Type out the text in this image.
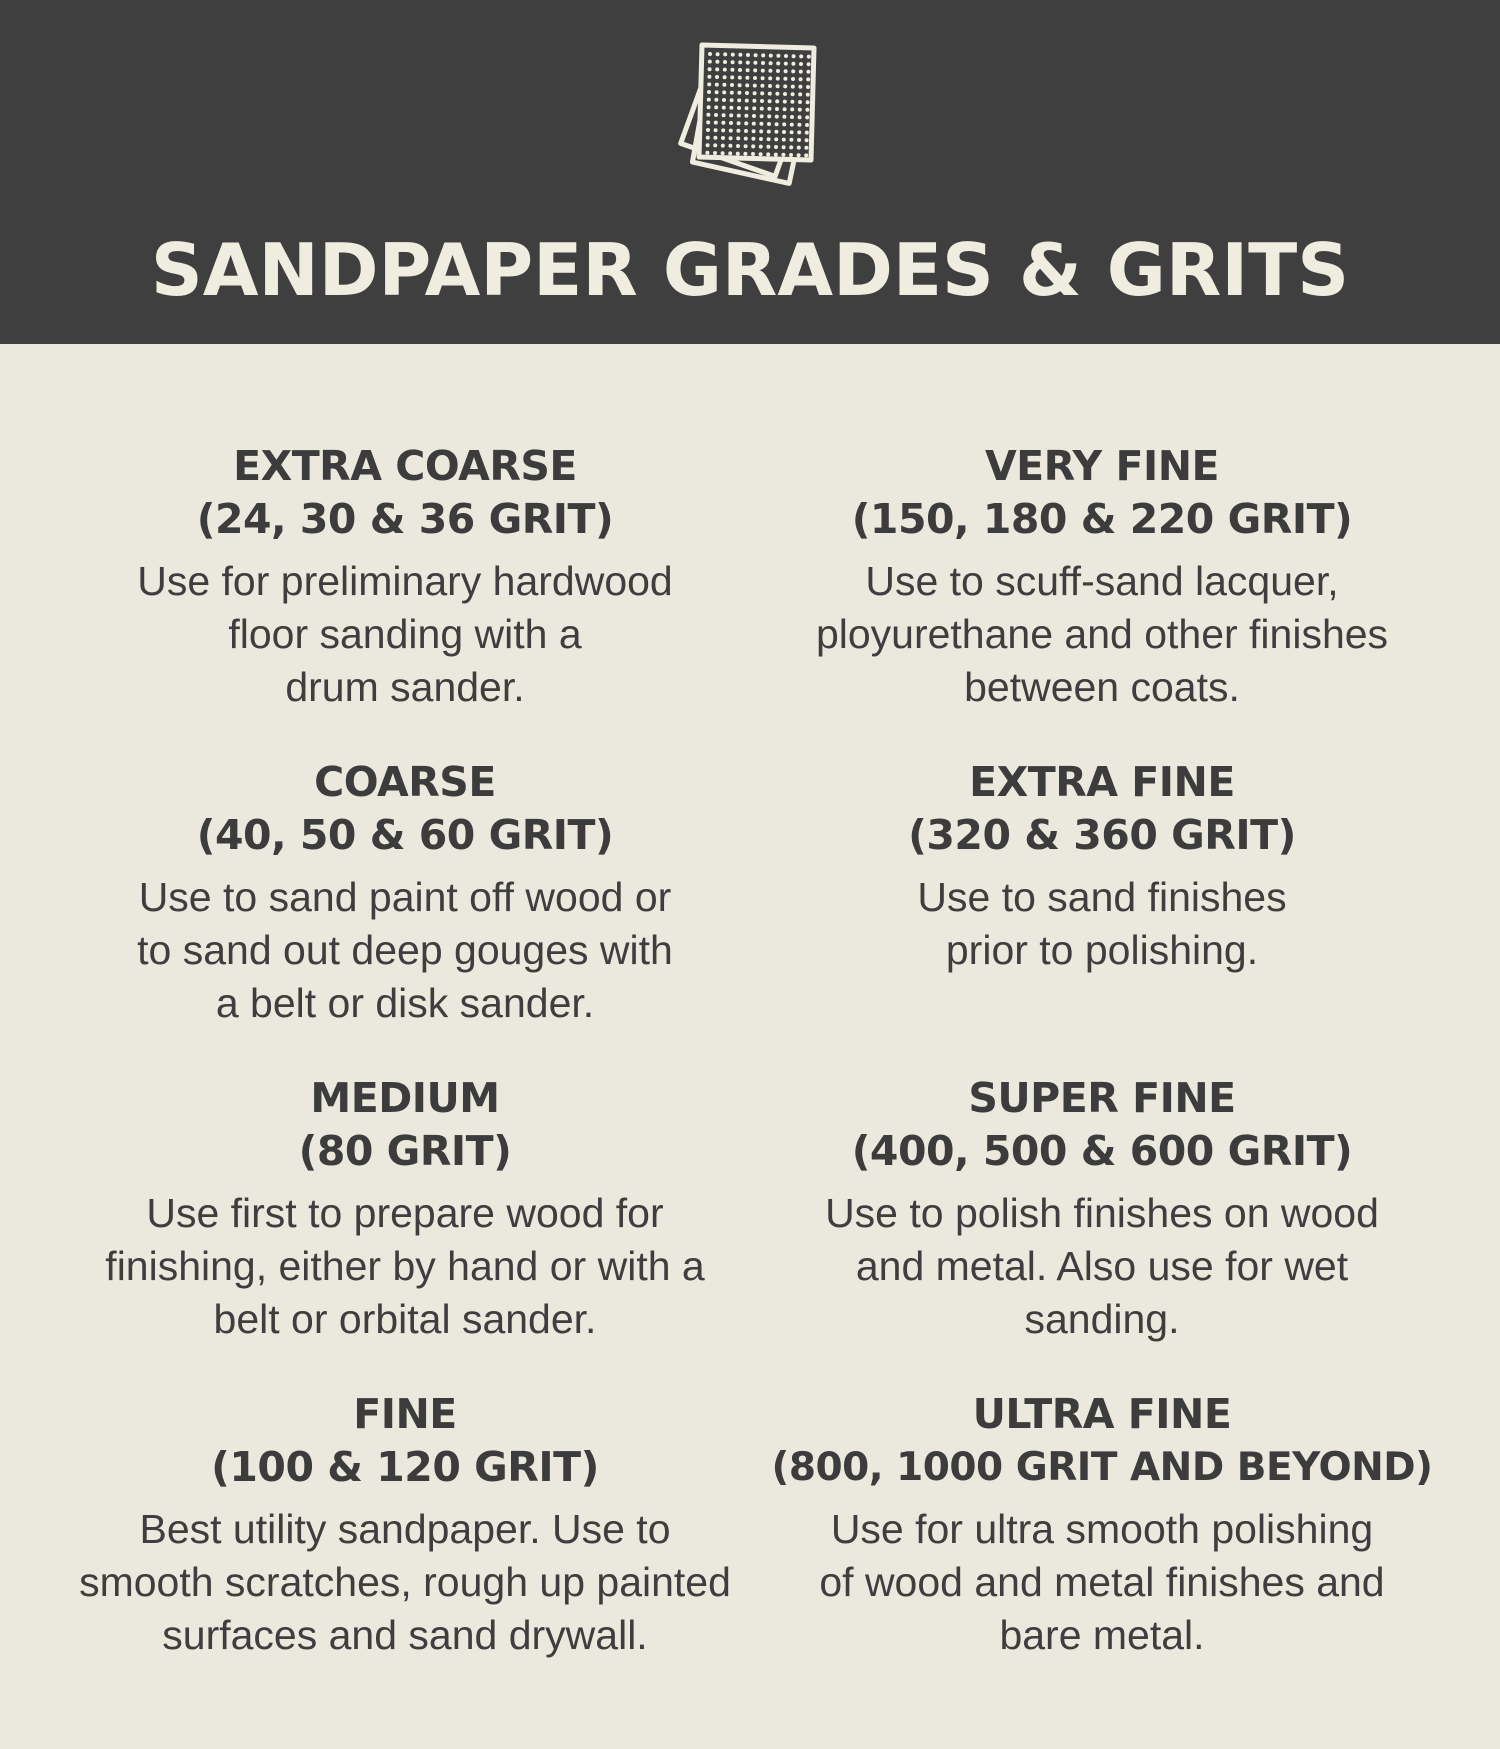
SANDPAPER GRADES & GRITS
EXTRA COARSE
(24, 30 & 36 GRIT)
Use for preliminary hardwood
floor sanding with a
drum sander.
COARSE
(40, 50 & 60 GRIT)
Use to sand paint off wood or
to sand out deep gouges with
a belt or disk sander.
MEDIUM
(80 GRIT)
Use first to prepare wood for
finishing, either by hand or with a
belt or orbital sander.
FINE
(100 & 120 GRIT)
Best utility sandpaper. Use to
smooth scratches, rough up painted
surfaces and sand drywall.
VERY FINE
(150, 180 & 220 GRIT)
Use to scuff-sand lacquer,
ployurethane and other finishes
between coats.
EXTRA FINE
(320 & 360 GRIT)
Use to sand finishes
prior to polishing.
SUPER FINE
(400, 500 & 600 GRIT)
Use to polish finishes on wood
and metal. Also use for wet
sanding.
ULTRA FINE
(800, 1000 GRIT AND BEYOND)
Use for ultra smooth polishing
of wood and metal finishes and
bare metal.
